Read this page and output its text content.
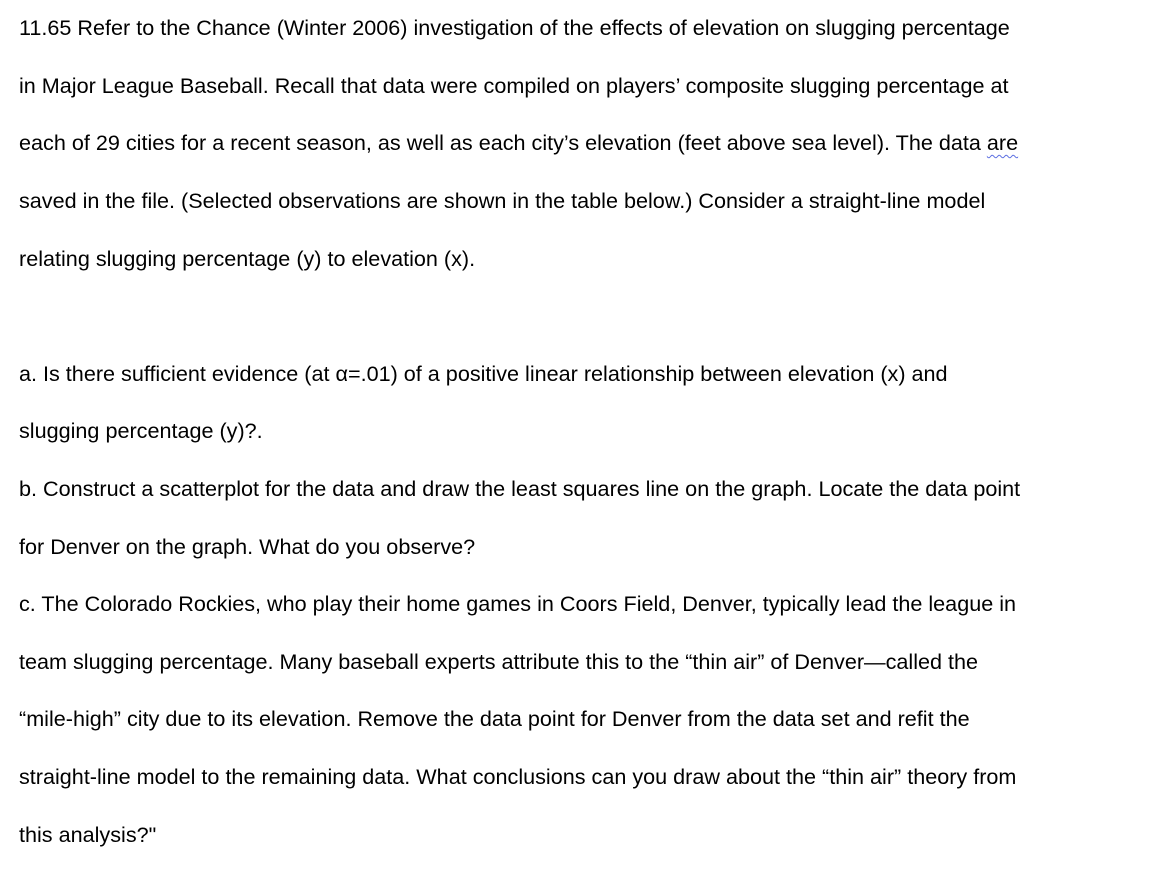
11.65 Refer to the Chance (Winter 2006) investigation of the effects of elevation on slugging percentage
in Major League Baseball. Recall that data were compiled on players’ composite slugging percentage at
each of 29 cities for a recent season, as well as each city’s elevation (feet above sea level). The data are
saved in the file. (Selected observations are shown in the table below.) Consider a straight-line model
relating slugging percentage (y) to elevation (x).
a. Is there sufficient evidence (at α=.01) of a positive linear relationship between elevation (x) and
slugging percentage (y)?.
b. Construct a scatterplot for the data and draw the least squares line on the graph. Locate the data point
for Denver on the graph. What do you observe?
c. The Colorado Rockies, who play their home games in Coors Field, Denver, typically lead the league in
team slugging percentage. Many baseball experts attribute this to the “thin air” of Denver—called the
“mile-high” city due to its elevation. Remove the data point for Denver from the data set and refit the
straight-line model to the remaining data. What conclusions can you draw about the “thin air” theory from
this analysis?"
